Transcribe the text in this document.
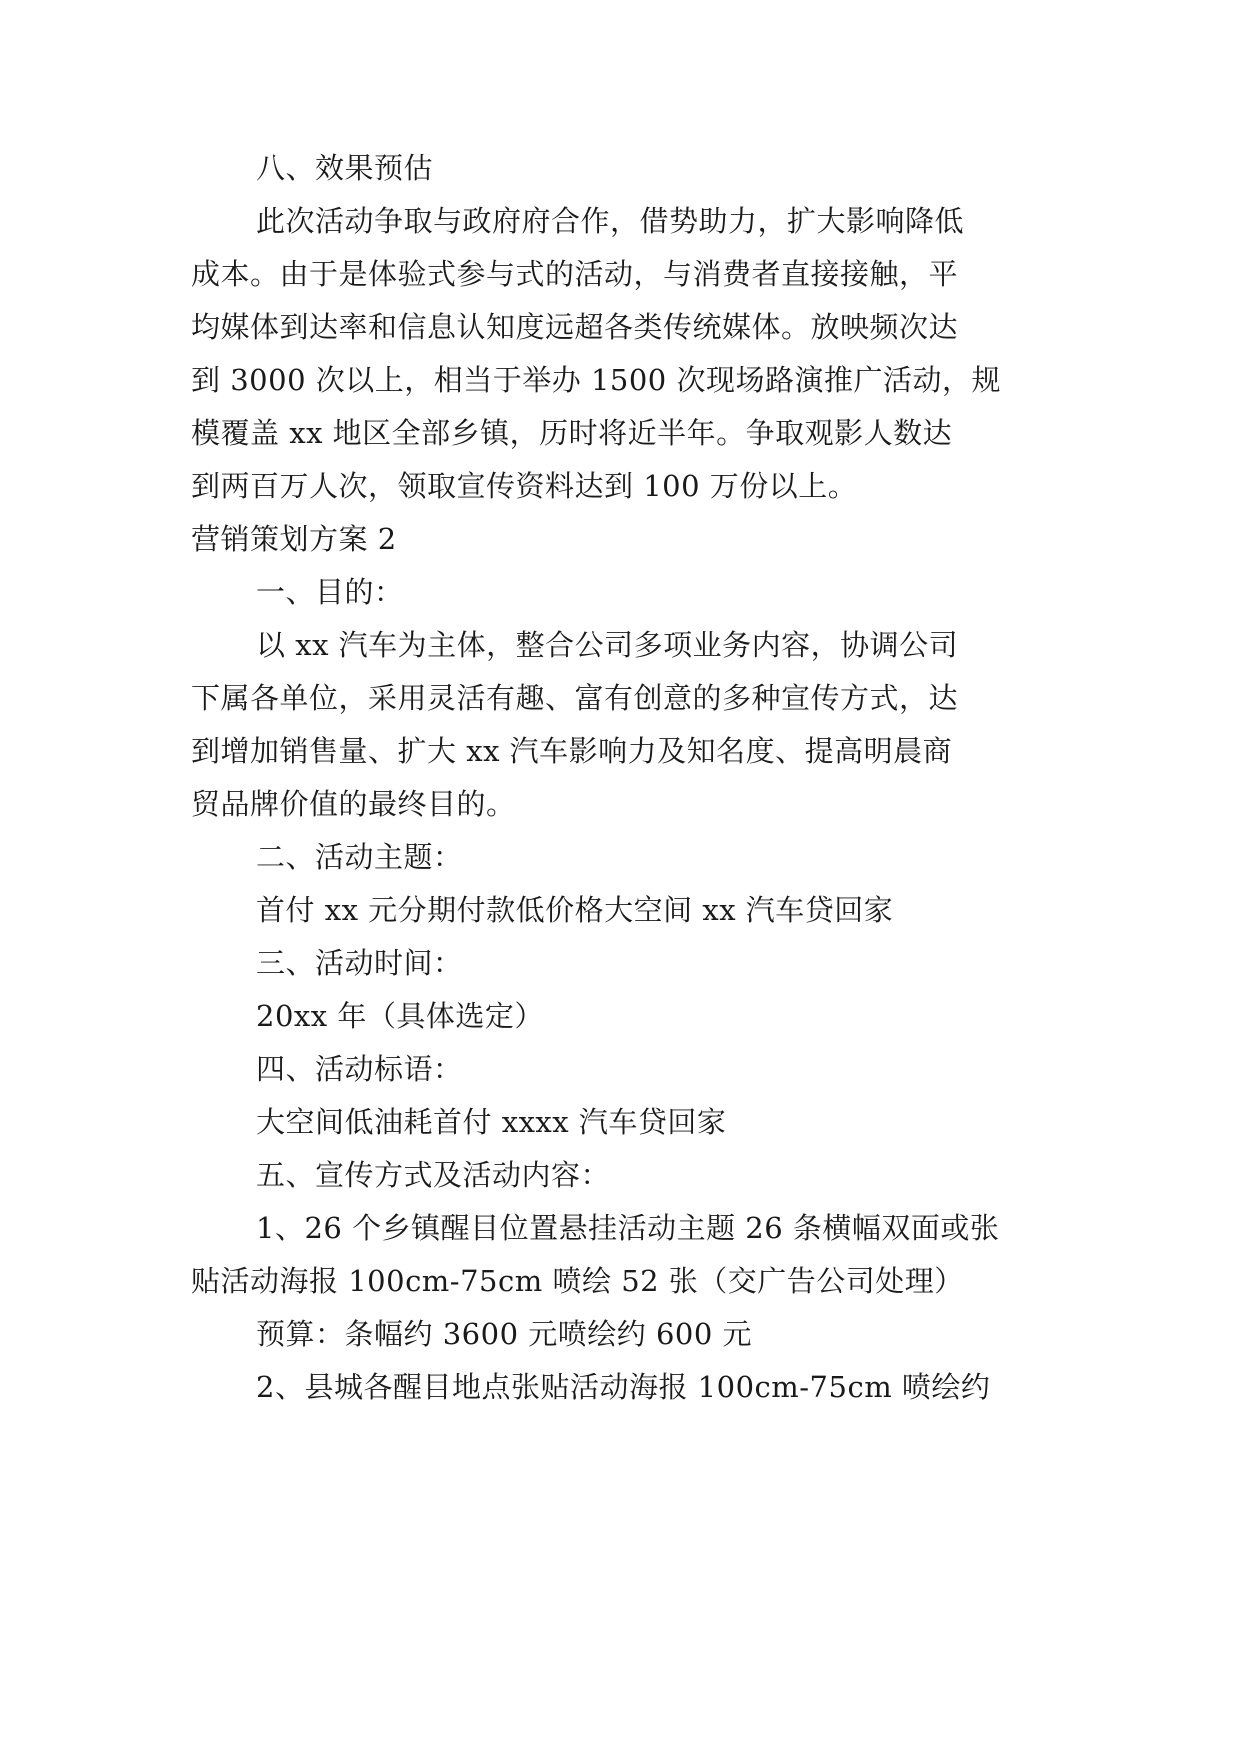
八、效果预估
此次活动争取与政府府合作，借势助力，扩大影响降低
成本。由于是体验式参与式的活动，与消费者直接接触，平
均媒体到达率和信息认知度远超各类传统媒体。放映频次达
到 3000 次以上，相当于举办 1500 次现场路演推广活动，规
模覆盖 xx 地区全部乡镇，历时将近半年。争取观影人数达
到两百万人次，领取宣传资料达到 100 万份以上。
营销策划方案 2
一、目的：
以 xx 汽车为主体，整合公司多项业务内容，协调公司
下属各单位，采用灵活有趣、富有创意的多种宣传方式，达
到增加销售量、扩大 xx 汽车影响力及知名度、提高明晨商
贸品牌价值的最终目的。
二、活动主题：
首付 xx 元分期付款低价格大空间 xx 汽车贷回家
三、活动时间：
20xx 年（具体选定）
四、活动标语：
大空间低油耗首付 xxxx 汽车贷回家
五、宣传方式及活动内容：
1、26 个乡镇醒目位置悬挂活动主题 26 条横幅双面或张
贴活动海报 100cm-75cm 喷绘 52 张（交广告公司处理）
预算：条幅约 3600 元喷绘约 600 元
2、县城各醒目地点张贴活动海报 100cm-75cm 喷绘约
